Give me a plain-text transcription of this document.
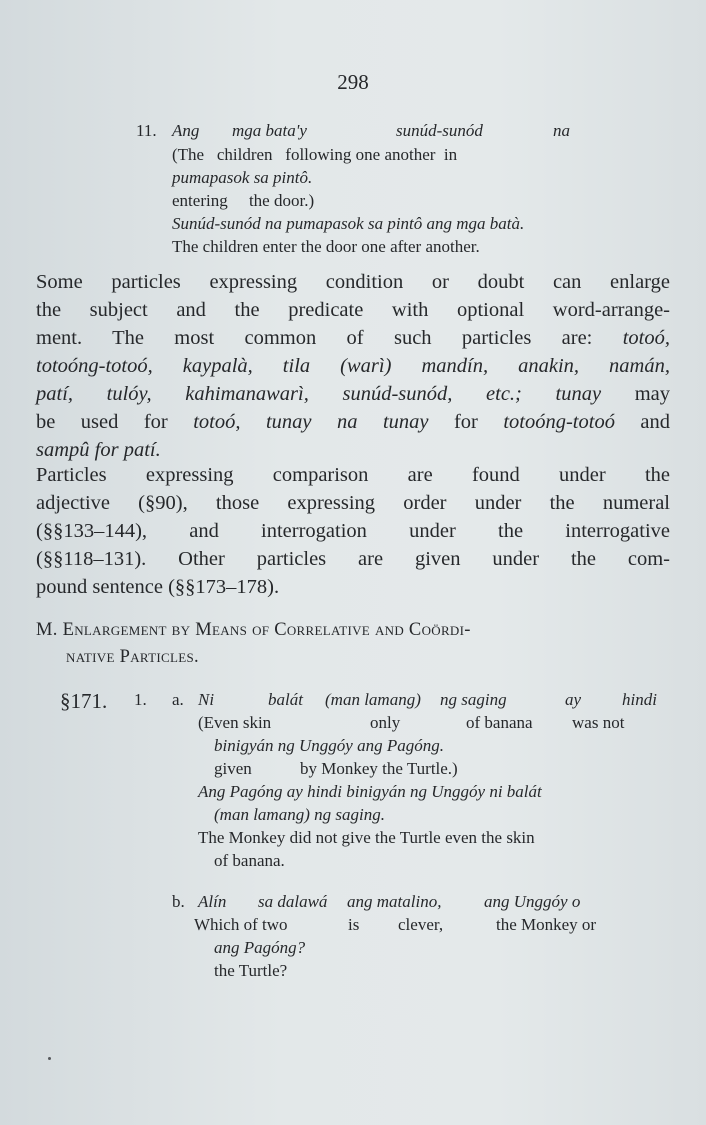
298
11. Ang mga bata'y	sunúd-sunód	na
(The   children   following one another  in
pumapasok sa pintô.
entering     the door.)
Sunúd-sunód na pumapasok sa pintô ang mga batà.
The children enter the door one after another.
Some particles expressing condition or doubt can enlarge
the subject and the predicate with optional word-arrange-
ment. The most common of such particles are: totoó,
totoóng-totoó, kaypalà, tila (warì) mandín, anakin, namán,
patí, tulóy, kahimanawarì, sunúd-sunód, etc.; tunay may
be used for totoó, tunay na tunay for totoóng-totoó and
sampû for patí.
Particles expressing comparison are found under the
adjective (§90), those expressing order under the numeral
(§§133–144), and interrogation under the interrogative
(§§118–131). Other particles are given under the com-
pound sentence (§§173–178).
M. Enlargement by Means of Correlative and Coördi-
native Particles.
§171. 1. a. Ni	balát (man lamang) ng saging	ay hindi
(Even skin	only	of banana was not
binigyán ng Unggóy ang Pagóng.
given	by Monkey the Turtle.)
Ang Pagóng ay hindi binigyán ng Unggóy ni balát
(man lamang) ng saging.
The Monkey did not give the Turtle even the skin
of banana.
b. Alín sa dalawá ang matalino,	ang Unggóy o
Which of two	is clever,	the Monkey or
ang Pagóng?
the Turtle?
